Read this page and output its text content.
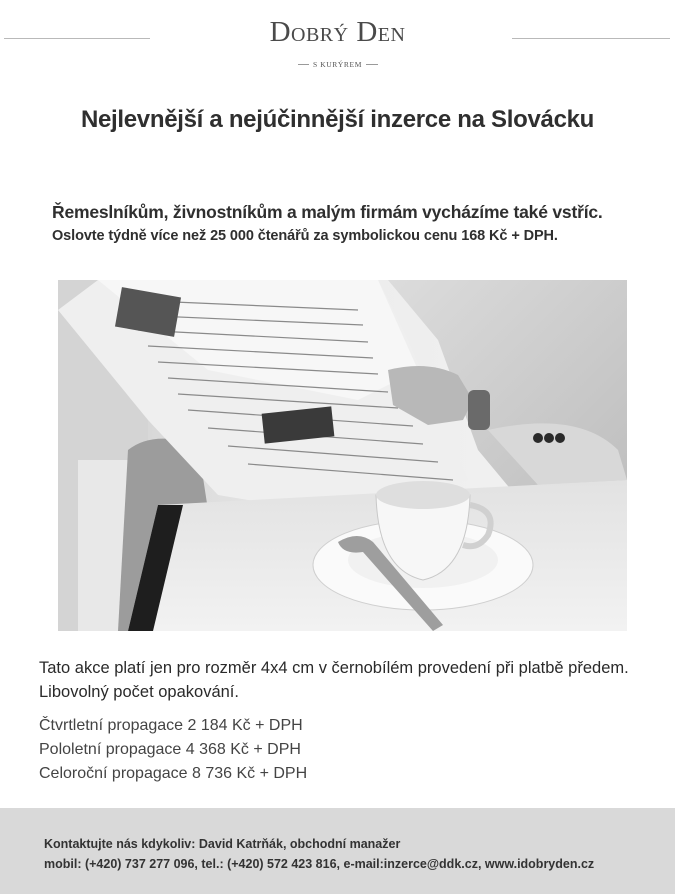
Dobrý Den
S KURÝREM
Nejlevnější a nejúčinnější inzerce na Slovácku
Řemeslníkům, živnostníkům a malým firmám vycházíme také vstříc.
Oslovte týdně více než 25 000 čtenářů za symbolickou cenu 168 Kč + DPH.
Tato akce platí jen pro rozměr 4x4 cm v černobílém provedení při platbě předem.
Libovolný počet opakování.
Čtvrtletní propagace 2 184 Kč + DPH
Pololetní propagace 4 368 Kč + DPH
Celoroční propagace 8 736 Kč + DPH
Kontaktujte nás kdykoliv: David Katrňák, obchodní manažer
mobil: (+420) 737 277 096, tel.: (+420) 572 423 816, e-mail:inzerce@ddk.cz, www.idobryden.cz
